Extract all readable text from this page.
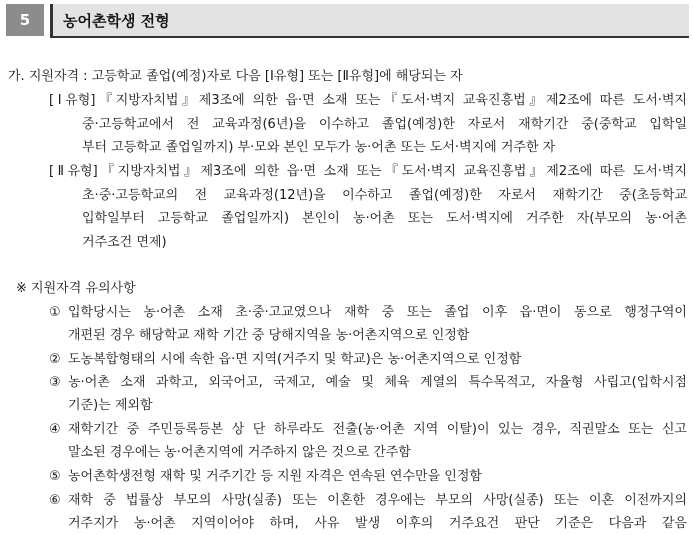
5	농어촌학생 전형
가. 지원자격 : 고등학교 졸업(예정)자로 다음 [Ⅰ유형] 또는 [Ⅱ유형]에 해당되는 자
[Ⅰ유형]『지방자치법』제3조에 의한 읍·면 소재 또는『도서·벽지 교육진흥법』제2조에 따른 도서·벽지
중·고등학교에서 전 교육과정(6년)을 이수하고 졸업(예정)한 자로서 재학기간 중(중학교 입학일
부터 고등학교 졸업일까지) 부·모와 본인 모두가 농·어촌 또는 도서·벽지에 거주한 자
[Ⅱ유형]『지방자치법』제3조에 의한 읍·면 소재 또는『도서·벽지 교육진흥법』제2조에 따른 도서·벽지
초·중·고등학교의 전 교육과정(12년)을 이수하고 졸업(예정)한 자로서 재학기간 중(초등학교
입학일부터 고등학교 졸업일까지) 본인이 농·어촌 또는 도서·벽지에 거주한 자(부모의 농·어촌
거주조건 면제)
※ 지원자격 유의사항
① 입학당시는 농·어촌 소재 초·중·고교였으나 재학 중 또는 졸업 이후 읍·면이 동으로 행정구역이
개편된 경우 해당학교 재학 기간 중 당해지역을 농·어촌지역으로 인정함
② 도농복합형태의 시에 속한 읍·면 지역(거주지 및 학교)은 농·어촌지역으로 인정함
③ 농·어촌 소재 과학고, 외국어고, 국제고, 예술 및 체육 계열의 특수목적고, 자율형 사립고(입학시점
기준)는 제외함
④ 재학기간 중 주민등록등본 상 단 하루라도 전출(농·어촌 지역 이탈)이 있는 경우, 직권말소 또는 신고
말소된 경우에는 농·어촌지역에 거주하지 않은 것으로 간주함
⑤ 농어촌학생전형 재학 및 거주기간 등 지원 자격은 연속된 연수만을 인정함
⑥ 재학 중 법률상 부모의 사망(실종) 또는 이혼한 경우에는 부모의 사망(실종) 또는 이혼 이전까지의
거주지가 농·어촌 지역이어야 하며, 사유 발생 이후의 거주요건 판단 기준은 다음과 같음
